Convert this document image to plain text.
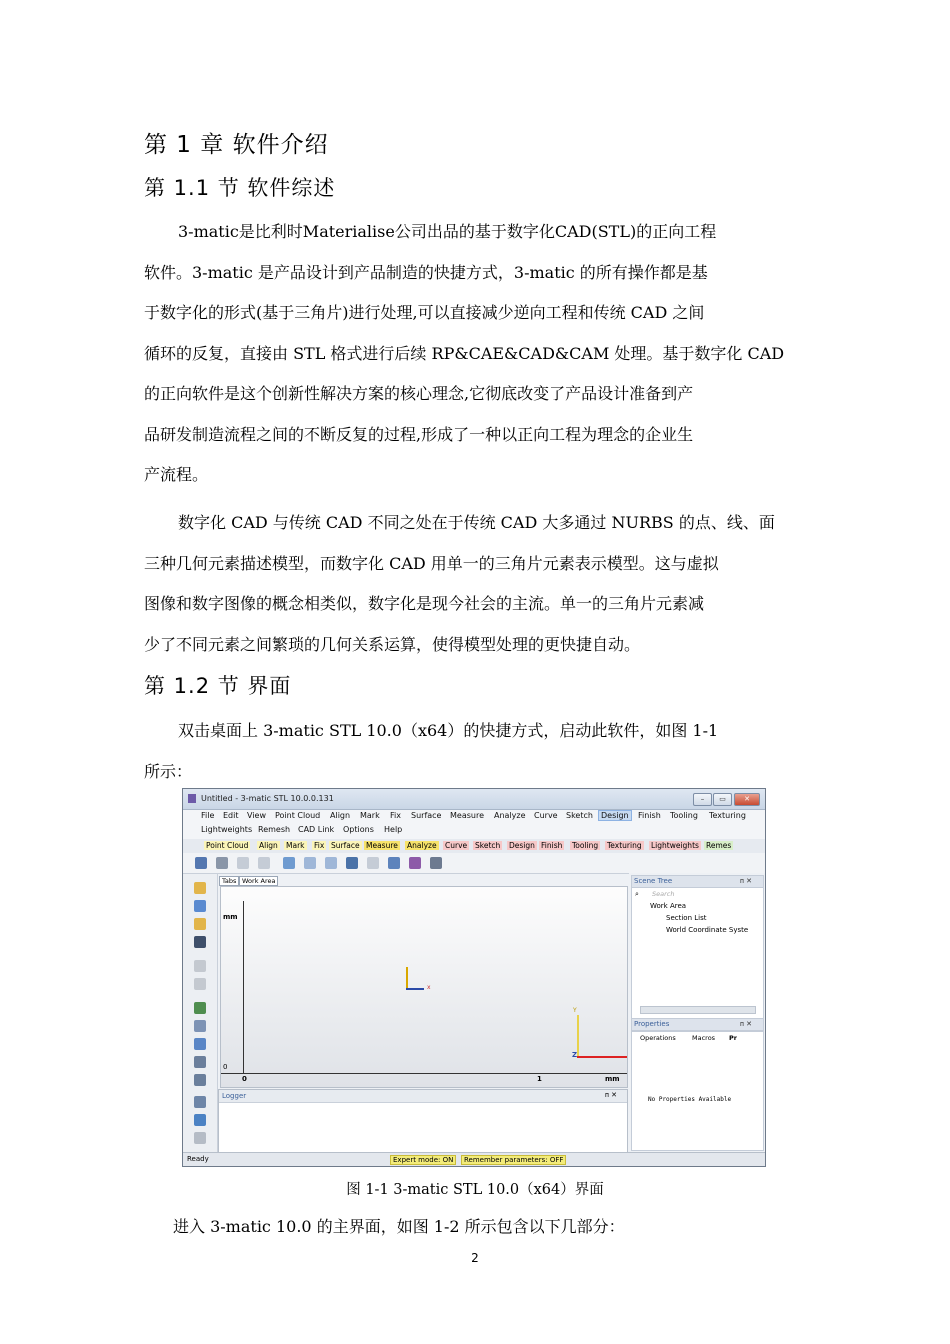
第 1 章 软件介绍
第 1.1 节 软件综述
3-matic是比利时Materialise公司出品的基于数字化CAD(STL)的正向工程
软件。3-matic 是产品设计到产品制造的快捷方式，3-matic 的所有操作都是基
于数字化的形式(基于三角片)进行处理,可以直接减少逆向工程和传统 CAD 之间
循环的反复，直接由 STL 格式进行后续 RP&CAE&CAD&CAM 处理。基于数字化 CAD
的正向软件是这个创新性解决方案的核心理念,它彻底改变了产品设计准备到产
品研发制造流程之间的不断反复的过程,形成了一种以正向工程为理念的企业生
产流程。
数字化 CAD 与传统 CAD 不同之处在于传统 CAD 大多通过 NURBS 的点、线、面
三种几何元素描述模型，而数字化 CAD 用单一的三角片元素表示模型。这与虚拟
图像和数字图像的概念相类似，数字化是现今社会的主流。单一的三角片元素减
少了不同元素之间繁琐的几何关系运算，使得模型处理的更快捷自动。
第 1.2 节 界面
双击桌面上 3-matic STL 10.0（x64）的快捷方式，启动此软件，如图 1-1
所示：
Untitled - 3-matic STL 10.0.0.131	–	▭	✕
File Edit View Point Cloud Align Mark Fix Surface Measure Analyze Curve Sketch	Design	Finish Tooling Texturing
Lightweights Remesh CAD Link Options Help
Point Cloud Align Mark Fix Surface Measure Analyze Curve Sketch Design Finish Tooling Texturing Lightweights Remes
Tabs Work Area
mm
0
0	1	mm
x
Y
Z
Logger	ᴨ ✕
Scene Tree	ᴨ ✕
⌕ Search
Work Area
Section List
World Coordinate Syste
Properties	ᴨ ✕
Operations	Macros Pr
No Properties Available
Ready	Expert mode: ON	Remember parameters: OFF
图 1-1 3-matic STL 10.0（x64）界面
进入 3-matic 10.0 的主界面，如图 1-2 所示包含以下几部分：
2
